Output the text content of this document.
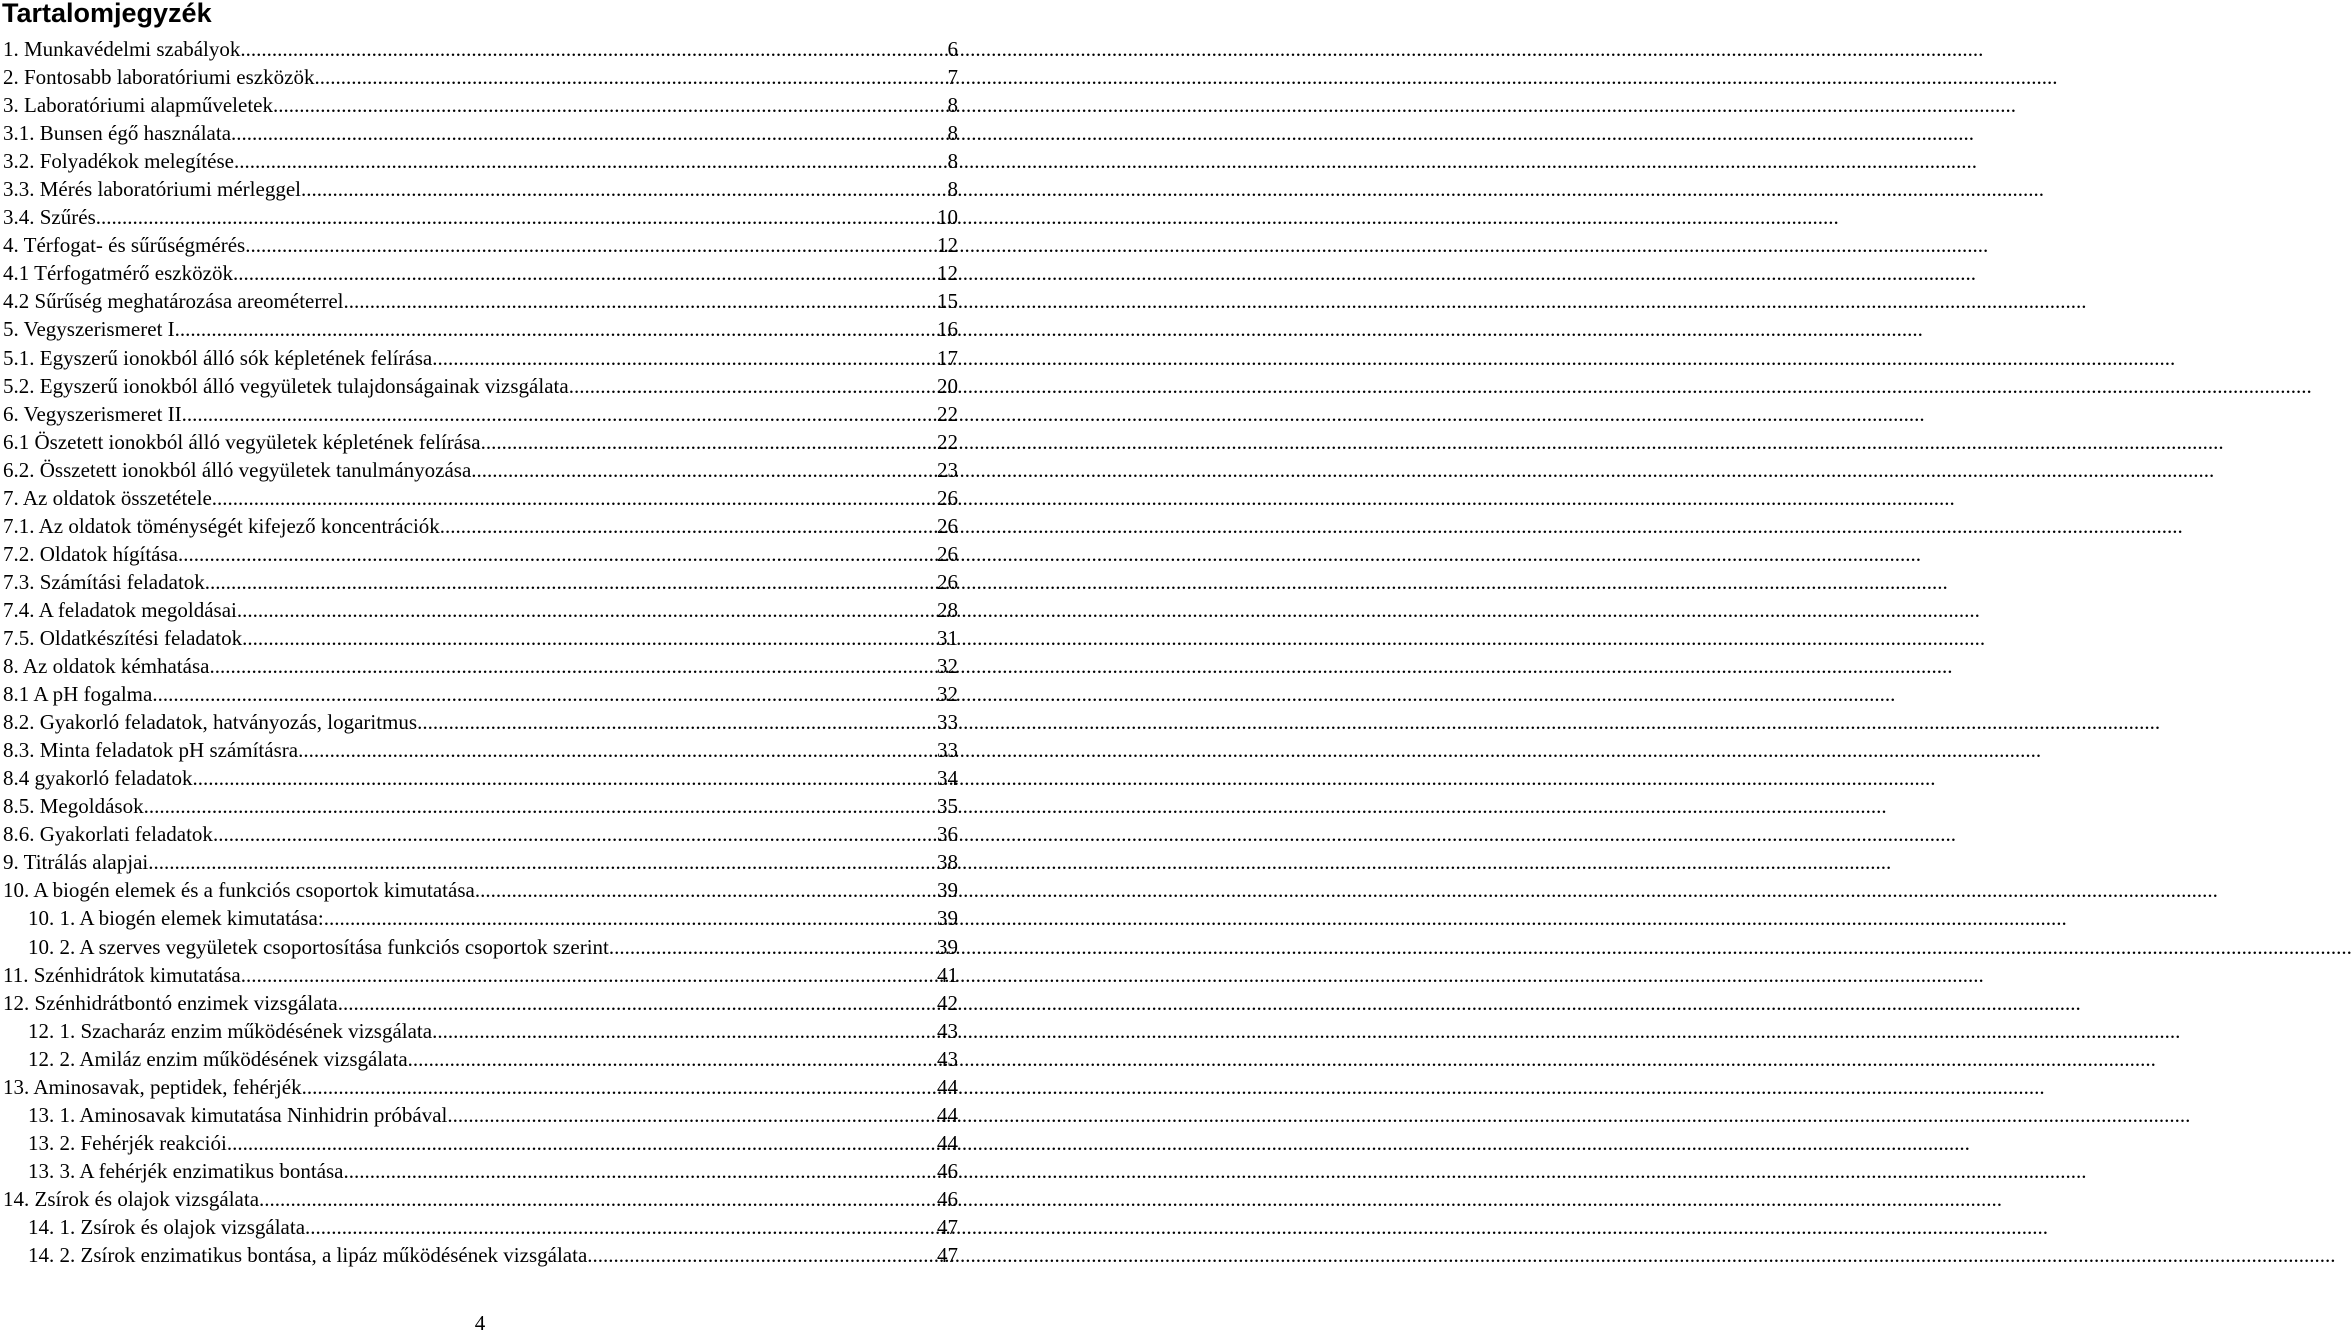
Tartalomjegyzék
1. Munkavédelmi szabályok .....	6
2. Fontosabb laboratóriumi eszközök .....	7
3. Laboratóriumi alapműveletek .....	8
3.1. Bunsen égő használata .....	8
3.2. Folyadékok melegítése .....	8
3.3. Mérés laboratóriumi mérleggel .....	8
3.4. Szűrés .....	10
4. Térfogat- és sűrűségmérés .....	12
4.1 Térfogatmérő eszközök .....	12
4.2 Sűrűség meghatározása areométerrel .....	15
5. Vegyszerismeret I. .....	16
5.1. Egyszerű ionokból álló sók képletének felírása .....	17
5.2. Egyszerű ionokból álló vegyületek tulajdonságainak vizsgálata .....	20
6. Vegyszerismeret II .....	22
6.1 Öszetett ionokból álló vegyületek képletének felírása .....	22
6.2. Összetett ionokból álló vegyületek tanulmányozása .....	23
7. Az oldatok összetétele .....	26
7.1. Az oldatok töménységét kifejező koncentrációk .....	26
7.2. Oldatok hígítása .....	26
7.3. Számítási feladatok .....	26
7.4. A feladatok megoldásai .....	28
7.5. Oldatkészítési feladatok .....	31
8. Az oldatok kémhatása .....	32
8.1 A pH fogalma .....	32
8.2. Gyakorló feladatok, hatványozás, logaritmus .....	33
8.3. Minta feladatok pH számításra .....	33
8.4 gyakorló feladatok .....	34
8.5. Megoldások .....	35
8.6. Gyakorlati feladatok .....	36
9. Titrálás alapjai .....	38
10. A biogén elemek és a funkciós csoportok kimutatása .....	39
10. 1. A biogén elemek kimutatása: .....	39
10. 2. A szerves vegyületek csoportosítása funkciós csoportok szerint .....	39
11. Szénhidrátok kimutatása .....	41
12. Szénhidrátbontó enzimek vizsgálata .....	42
12. 1. Szacharáz enzim működésének vizsgálata. .....	43
12. 2. Amiláz enzim működésének vizsgálata. .....	43
13. Aminosavak, peptidek, fehérjék .....	44
13. 1. Aminosavak kimutatása Ninhidrin próbával .....	44
13. 2. Fehérjék reakciói .....	44
13. 3. A fehérjék enzimatikus bontása .....	46
14. Zsírok és olajok vizsgálata .....	46
14. 1. Zsírok és olajok vizsgálata .....	47
14. 2. Zsírok enzimatikus bontása, a lipáz működésének vizsgálata. .....	47
4
